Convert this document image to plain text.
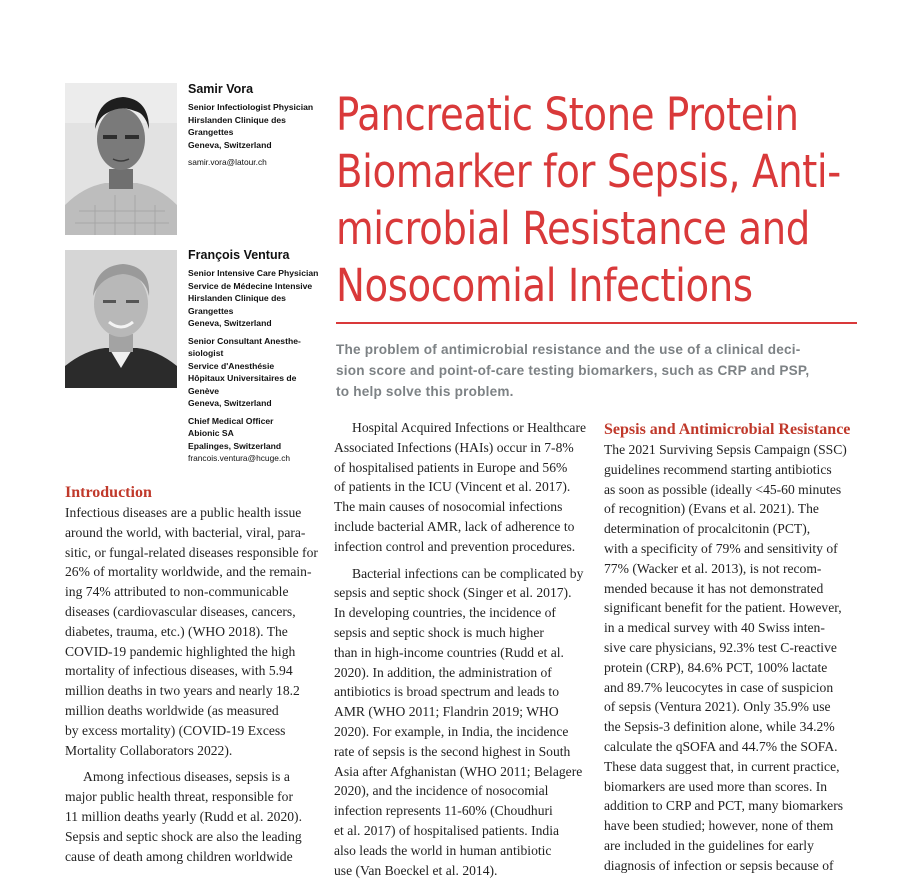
Samir Vora
Senior Infectiologist Physician
Hirslanden Clinique des
Grangettes
Geneva, Switzerland
samir.vora@latour.ch
François Ventura
Senior Intensive Care Physician
Service de Médecine Intensive
Hirslanden Clinique des
Grangettes
Geneva, Switzerland
Senior Consultant Anesthe-
siologist
Service d'Anesthésie
Hôpitaux Universitaires de
Genève
Geneva, Switzerland
Chief Medical Officer
Abionic SA
Epalinges, Switzerland
francois.ventura@hcuge.ch
Pancreatic Stone Protein
Biomarker for Sepsis, Anti-
microbial Resistance and
Nosocomial Infections

The problem of antimicrobial resistance and the use of a clinical deci-
sion score and point-of-care testing biomarkers, such as CRP and PSP,
to help solve this problem.

Introduction
Infectious diseases are a public health issue
around the world, with bacterial, viral, para-
sitic, or fungal-related diseases responsible for
26% of mortality worldwide, and the remain-
ing 74% attributed to non-communicable
diseases (cardiovascular diseases, cancers,
diabetes, trauma, etc.) (WHO 2018). The
COVID-19 pandemic highlighted the high
mortality of infectious diseases, with 5.94
million deaths in two years and nearly 18.2
million deaths worldwide (as measured
by excess mortality) (COVID-19 Excess
Mortality Collaborators 2022).
Among infectious diseases, sepsis is a
major public health threat, responsible for
11 million deaths yearly (Rudd et al. 2020).
Sepsis and septic shock are also the leading
cause of death among children worldwide
Hospital Acquired Infections or Healthcare
Associated Infections (HAIs) occur in 7-8%
of hospitalised patients in Europe and 56%
of patients in the ICU (Vincent et al. 2017).
The main causes of nosocomial infections
include bacterial AMR, lack of adherence to
infection control and prevention procedures.
Bacterial infections can be complicated by
sepsis and septic shock (Singer et al. 2017).
In developing countries, the incidence of
sepsis and septic shock is much higher
than in high-income countries (Rudd et al.
2020). In addition, the administration of
antibiotics is broad spectrum and leads to
AMR (WHO 2011; Flandrin 2019; WHO
2020). For example, in India, the incidence
rate of sepsis is the second highest in South
Asia after Afghanistan (WHO 2011; Belagere
2020), and the incidence of nosocomial
infection represents 11-60% (Choudhuri
et al. 2017) of hospitalised patients. India
also leads the world in human antibiotic
use (Van Boeckel et al. 2014).
Sepsis and Antimicrobial Resistance
The 2021 Surviving Sepsis Campaign (SSC)
guidelines recommend starting antibiotics
as soon as possible (ideally <45-60 minutes
of recognition) (Evans et al. 2021). The
determination of procalcitonin (PCT),
with a specificity of 79% and sensitivity of
77% (Wacker et al. 2013), is not recom-
mended because it has not demonstrated
significant benefit for the patient. However,
in a medical survey with 40 Swiss inten-
sive care physicians, 92.3% test C-reactive
protein (CRP), 84.6% PCT, 100% lactate
and 89.7% leucocytes in case of suspicion
of sepsis (Ventura 2021). Only 35.9% use
the Sepsis-3 definition alone, while 34.2%
calculate the qSOFA and 44.7% the SOFA.
These data suggest that, in current practice,
biomarkers are used more than scores. In
addition to CRP and PCT, many biomarkers
have been studied; however, none of them
are included in the guidelines for early
diagnosis of infection or sepsis because of
